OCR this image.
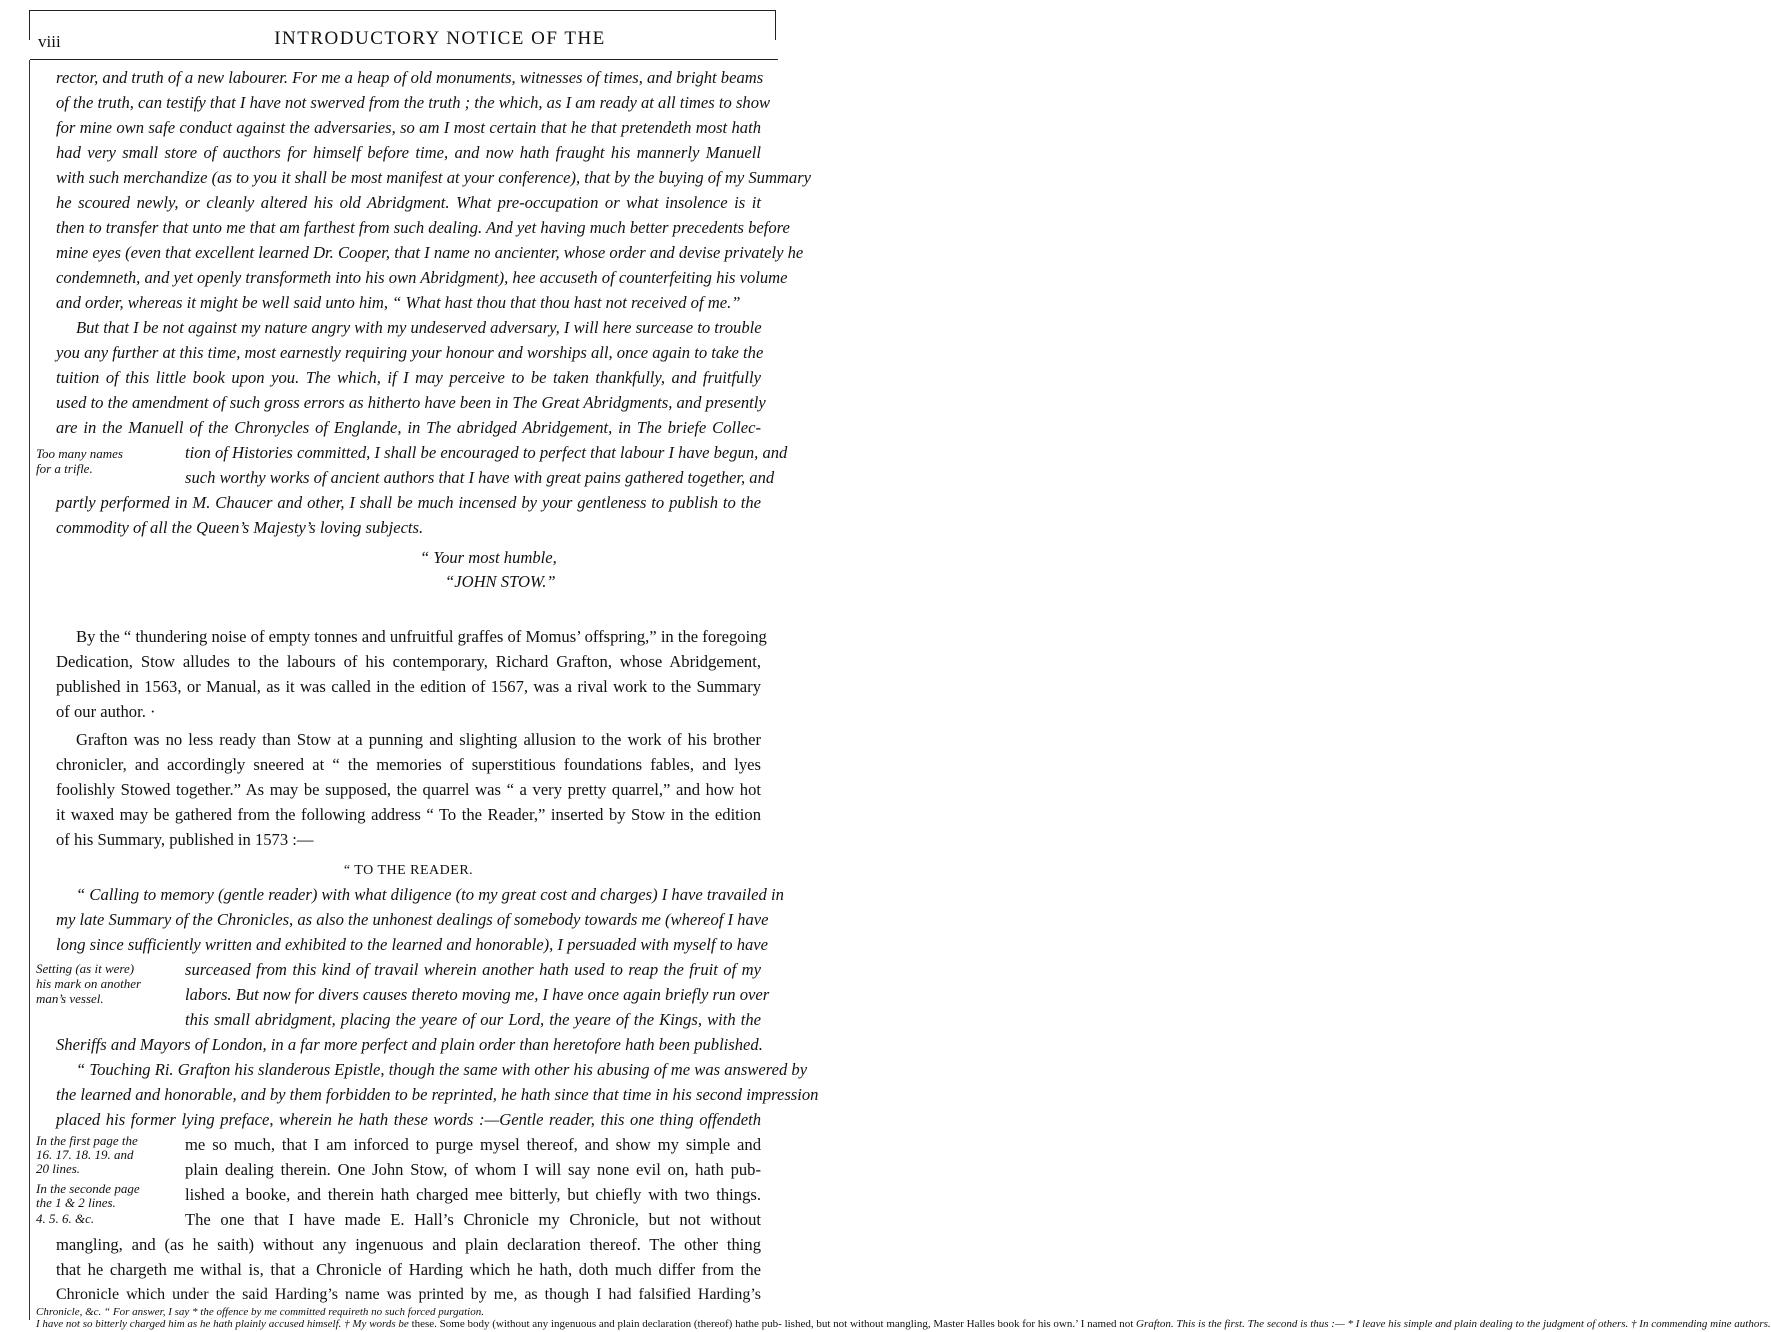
viii	INTRODUCTORY NOTICE OF THE
rector, and truth of a new labourer. For me a heap of old monuments, witnesses of times, and bright beams
of the truth, can testify that I have not swerved from the truth ; the which, as I am ready at all times to show
for mine own safe conduct against the adversaries, so am I most certain that he that pretendeth most hath
had very small store of aucthors for himself before time, and now hath fraught his mannerly Manuell
with such merchandize (as to you it shall be most manifest at your conference), that by the buying of my Summary
he scoured newly, or cleanly altered his old Abridgment. What pre-occupation or what insolence is it
then to transfer that unto me that am farthest from such dealing. And yet having much better precedents before
mine eyes (even that excellent learned Dr. Cooper, that I name no ancienter, whose order and devise privately he
condemneth, and yet openly transformeth into his own Abridgment), hee accuseth of counterfeiting his volume
and order, whereas it might be well said unto him, “ What hast thou that thou hast not received of me.”
But that I be not against my nature angry with my undeserved adversary, I will here surcease to trouble
you any further at this time, most earnestly requiring your honour and worships all, once again to take the
tuition of this little book upon you. The which, if I may perceive to be taken thankfully, and fruitfully
used to the amendment of such gross errors as hitherto have been in The Great Abridgments, and presently
are in the Manuell of the Chronycles of Englande, in The abridged Abridgement, in The briefe Collec-
tion of Histories committed, I shall be encouraged to perfect that labour I have begun, and
such worthy works of ancient authors that I have with great pains gathered together, and
partly performed in M. Chaucer and other, I shall be much incensed by your gentleness to publish to the
commodity of all the Queen’s Majesty’s loving subjects.
“ Your most humble,
“JOHN STOW.”
Too many names
for a trifle.
By the “ thundering noise of empty tonnes and unfruitful graffes of Momus’ offspring,” in the foregoing
Dedication, Stow alludes to the labours of his contemporary, Richard Grafton, whose Abridgement,
published in 1563, or Manual, as it was called in the edition of 1567, was a rival work to the Summary
of our author. ·
Grafton was no less ready than Stow at a punning and slighting allusion to the work of his brother
chronicler, and accordingly sneered at “ the memories of superstitious foundations fables, and lyes
foolishly Stowed together.” As may be supposed, the quarrel was “ a very pretty quarrel,” and how hot
it waxed may be gathered from the following address “ To the Reader,” inserted by Stow in the edition
of his Summary, published in 1573 :—
“ TO THE READER.
“ Calling to memory (gentle reader) with what diligence (to my great cost and charges) I have travailed in
my late Summary of the Chronicles, as also the unhonest dealings of somebody towards me (whereof I have
long since sufficiently written and exhibited to the learned and honorable), I persuaded with myself to have
surceased from this kind of travail wherein another hath used to reap the fruit of my
labors. But now for divers causes thereto moving me, I have once again briefly run over
this small abridgment, placing the yeare of our Lord, the yeare of the Kings, with the
Sheriffs and Mayors of London, in a far more perfect and plain order than heretofore hath been published.
“ Touching Ri. Grafton his slanderous Epistle, though the same with other his abusing of me was answered by
the learned and honorable, and by them forbidden to be reprinted, he hath since that time in his second impression
placed his former lying preface, wherein he hath these words :—Gentle reader, this one thing offendeth
me so much, that I am inforced to purge mysel thereof, and show my simple and
plain dealing therein. One John Stow, of whom I will say none evil on, hath pub-
lished a booke, and therein hath charged mee bitterly, but chiefly with two things.
The one that I have made E. Hall’s Chronicle my Chronicle, but not without
mangling, and (as he saith) without any ingenuous and plain declaration thereof. The other thing
that he chargeth me withal is, that a Chronicle of Harding which he hath, doth much differ from the
Chronicle which under the said Harding’s name was printed by me, as though I had falsified Harding’s
Setting (as it were)
his mark on another
man’s vessel.
In the first page the
16. 17. 18. 19. and
20 lines.
In the seconde page
the 1 & 2 lines.
4. 5. 6. &c.
Chronicle, &c. “ For answer, I say * the offence by me committed requireth no such forced purgation.
I have not so bitterly charged him as he hath plainly accused himself. † My words be these. Some body (without any ingenuous and plain declaration (thereof) hathe pub- lished, but not without mangling, Master Halles book for his own.’ I named not Grafton. This is the first. The second is thus :— * I leave his simple and plain dealing to the judgment of others. † In commending mine authors.
